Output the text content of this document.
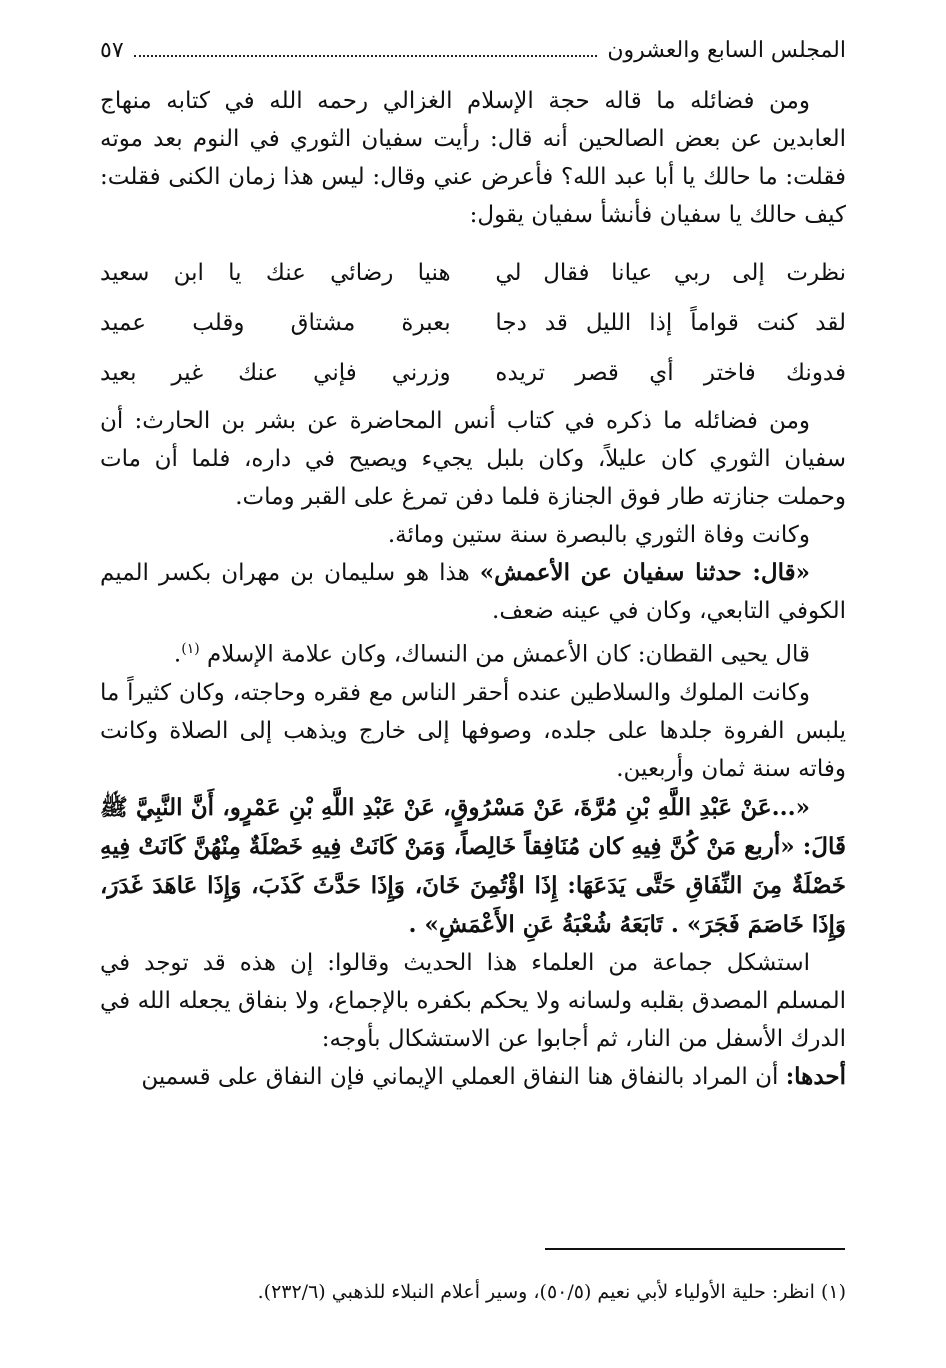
المجلس السابع والعشرون
٥٧

ومن فضائله ما قاله حجة الإسلام الغزالي رحمه الله في كتابه منهاج العابدين عن بعض الصالحين أنه قال: رأيت سفيان الثوري في النوم بعد موته فقلت: ما حالك يا أبا عبد الله؟ فأعرض عني وقال: ليس هذا زمان الكنى فقلت: كيف حالك يا سفيان فأنشأ سفيان يقول:

نظرت إلى ربي عيانا فقال لي
هنيا رضائي عنك يا ابن سعيد
لقد كنت قواماً إذا الليل قد دجا
بعبرة مشتاق وقلب عميد
فدونك فاختر أي قصر تريده
وزرني فإني عنك غير بعيد

ومن فضائله ما ذكره في كتاب أنس المحاضرة عن بشر بن الحارث: أن سفيان الثوري كان عليلاً، وكان بلبل يجيء ويصيح في داره، فلما أن مات وحملت جنازته طار فوق الجنازة فلما دفن تمرغ على القبر ومات.

وكانت وفاة الثوري بالبصرة سنة ستين ومائة.

«قال: حدثنا سفيان عن الأعمش» هذا هو سليمان بن مهران بكسر الميم الكوفي التابعي، وكان في عينه ضعف.

قال يحيى القطان: كان الأعمش من النساك، وكان علامة الإسلام $^{(١)}$.

وكانت الملوك والسلاطين عنده أحقر الناس مع فقره وحاجته، وكان كثيراً ما يلبس الفروة جلدها على جلده، وصوفها إلى خارج ويذهب إلى الصلاة وكانت وفاته سنة ثمان وأربعين.

«...عَنْ عَبْدِ اللَّهِ بْنِ مُرَّةَ، عَنْ مَسْرُوقٍ، عَنْ عَبْدِ اللَّهِ بْنِ عَمْرٍو، أَنَّ النَّبِيَّ ﷺ قَالَ: «أربع مَنْ كُنَّ فِيهِ كان مُنَافِقاً خَالِصاً، وَمَنْ كَانَتْ فِيهِ خَصْلَةٌ مِنْهُنَّ كَانَتْ فِيهِ خَصْلَةٌ مِنَ النِّفَاقِ حَتَّى يَدَعَهَا: إِذَا اؤْتُمِنَ خَانَ، وَإِذَا حَدَّثَ كَذَبَ، وَإِذَا عَاهَدَ غَدَرَ، وَإِذَا خَاصَمَ فَجَرَ» . تَابَعَهُ شُعْبَةُ عَنِ الأَعْمَشِ» .

استشكل جماعة من العلماء هذا الحديث وقالوا: إن هذه قد توجد في المسلم المصدق بقلبه ولسانه ولا يحكم بكفره بالإجماع، ولا بنفاق يجعله الله في الدرك الأسفل من النار، ثم أجابوا عن الاستشكال بأوجه:

أحدها: أن المراد بالنفاق هنا النفاق العملي الإيماني فإن النفاق على قسمين

(١) انظر: حلية الأولياء لأبي نعيم (٥٠/٥)، وسير أعلام النبلاء للذهبي (٢٣٢/٦).
